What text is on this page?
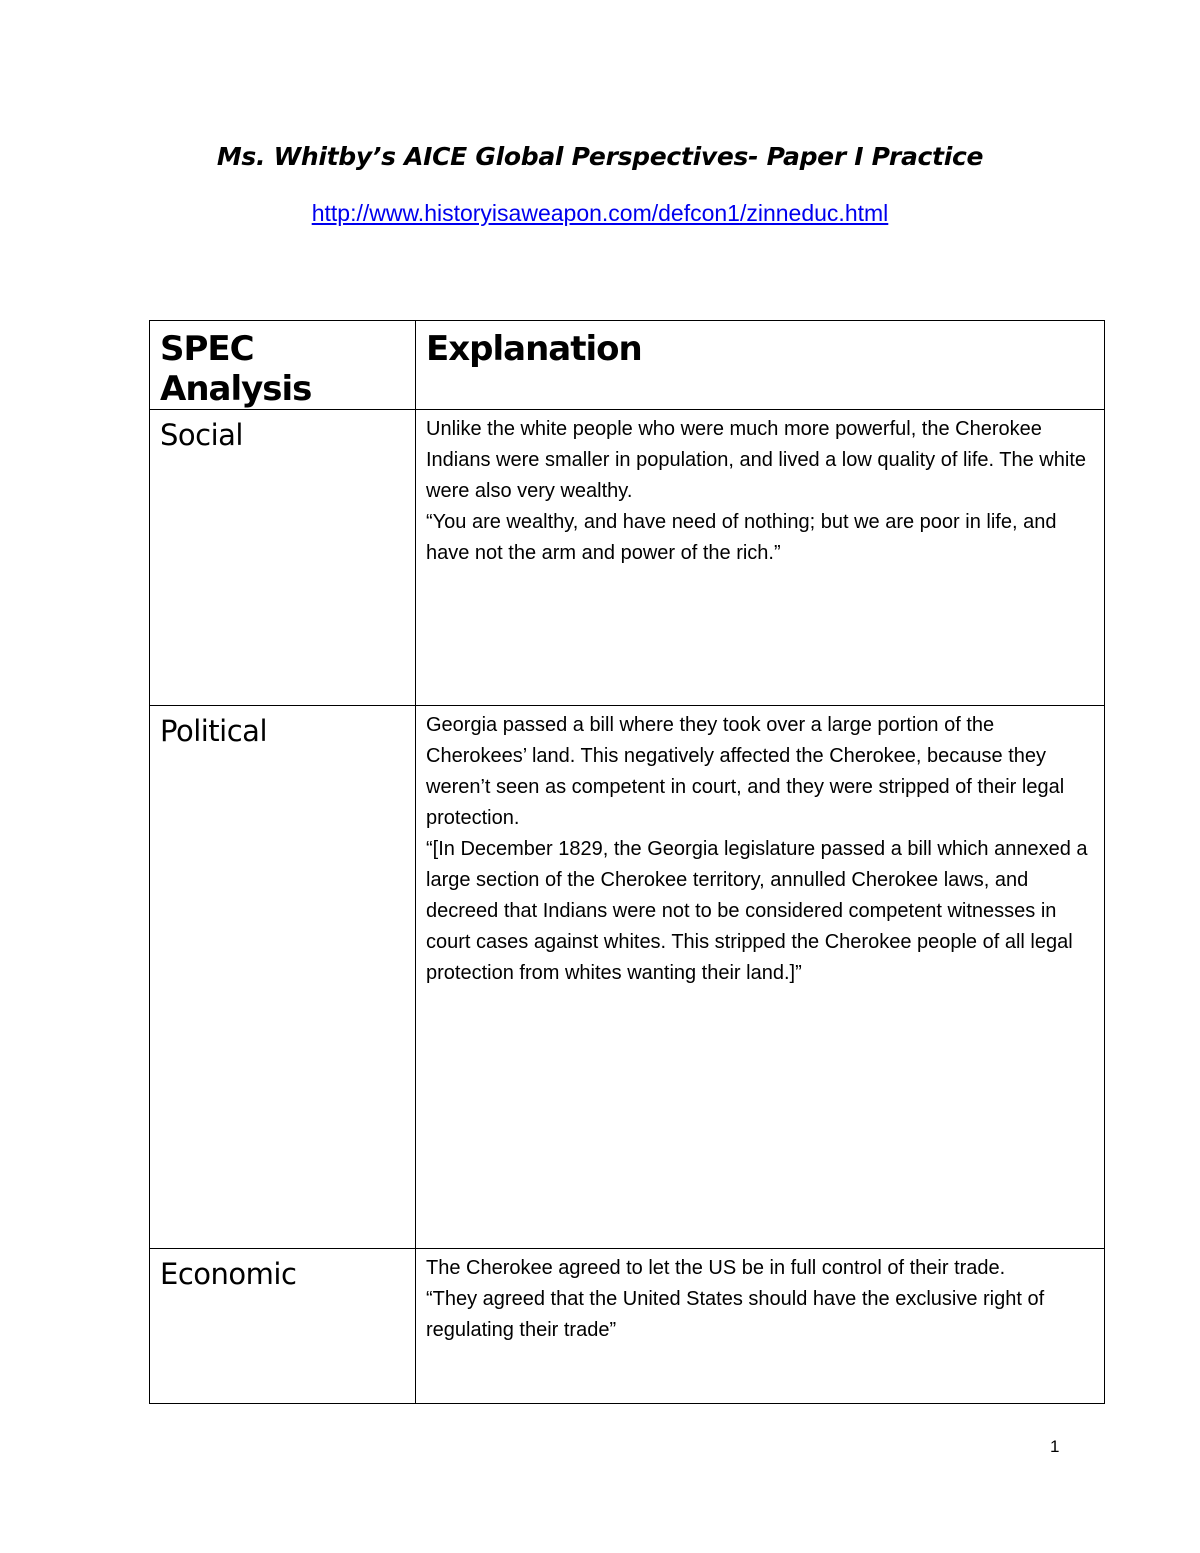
Ms. Whitby’s AICE Global Perspectives- Paper I Practice
http://www.historyisaweapon.com/defcon1/zinneduc.html
SPEC Analysis	Explanation
Social	Unlike the white people who were much more powerful, the Cherokee Indians were smaller in population, and lived a low quality of life. The white were also very wealthy.

“You are wealthy, and have need of nothing; but we are poor in life, and have not the arm and power of the rich.”

Political	Georgia passed a bill where they took over a large portion of the Cherokees’ land. This negatively affected the Cherokee, because they weren’t seen as competent in court, and they were stripped of their legal protection.

“[In December 1829, the Georgia legislature passed a bill which annexed a large section of the Cherokee territory, annulled Cherokee laws, and decreed that Indians were not to be considered competent witnesses in court cases against whites. This stripped the Cherokee people of all legal protection from whites wanting their land.]”

Economic	The Cherokee agreed to let the US be in full control of their trade.

“They agreed that the United States should have the exclusive right of regulating their trade”

1
